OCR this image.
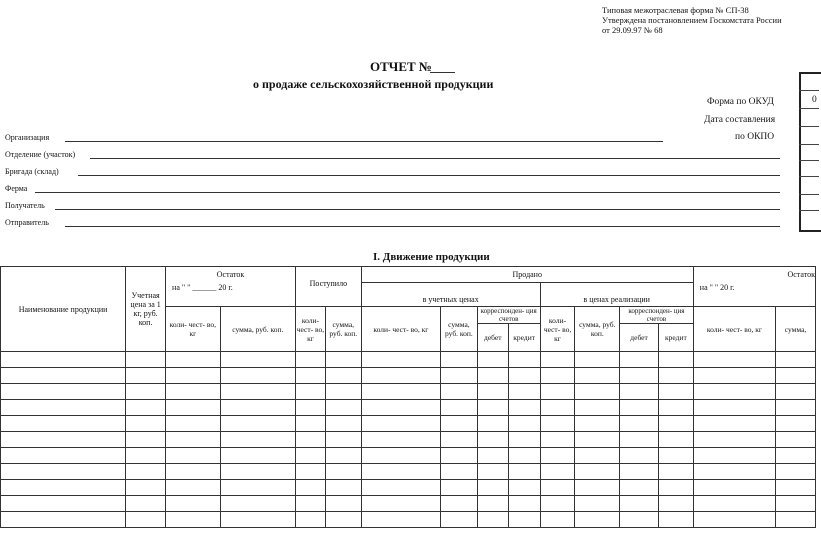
Типовая межотраслевая форма № СП-38
Утверждена постановлением Госкомстата России
от 29.09.97 № 68
ОТЧЕТ №
о продаже сельскохозяйственной продукции
0
Форма по ОКУД
Дата составления
по ОКПО
Организация
Отделение (участок)
Бригада (склад)
Ферма
Получатель
Отправитель
I. Движение продукции
Наименование продукции	Учетная цена за 1 кг, руб. коп.	Остаток		Поступило		Продано								Остаток	
		на " " ______ 20 г.				в учетных ценах				в ценах реализации				на " " 20 г.	
		коли- чест- во, кг	сумма, руб. коп.	коли- чест- во, кг	сумма, руб. коп.	коли- чест- во, кг	сумма, руб. коп.	корреспонден- ция счетов		коли- чест- во, кг	сумма, руб. коп.	корреспонден- ция счетов		коли- чест- во, кг	сумма,
								дебет	кредит			дебет	кредит		
